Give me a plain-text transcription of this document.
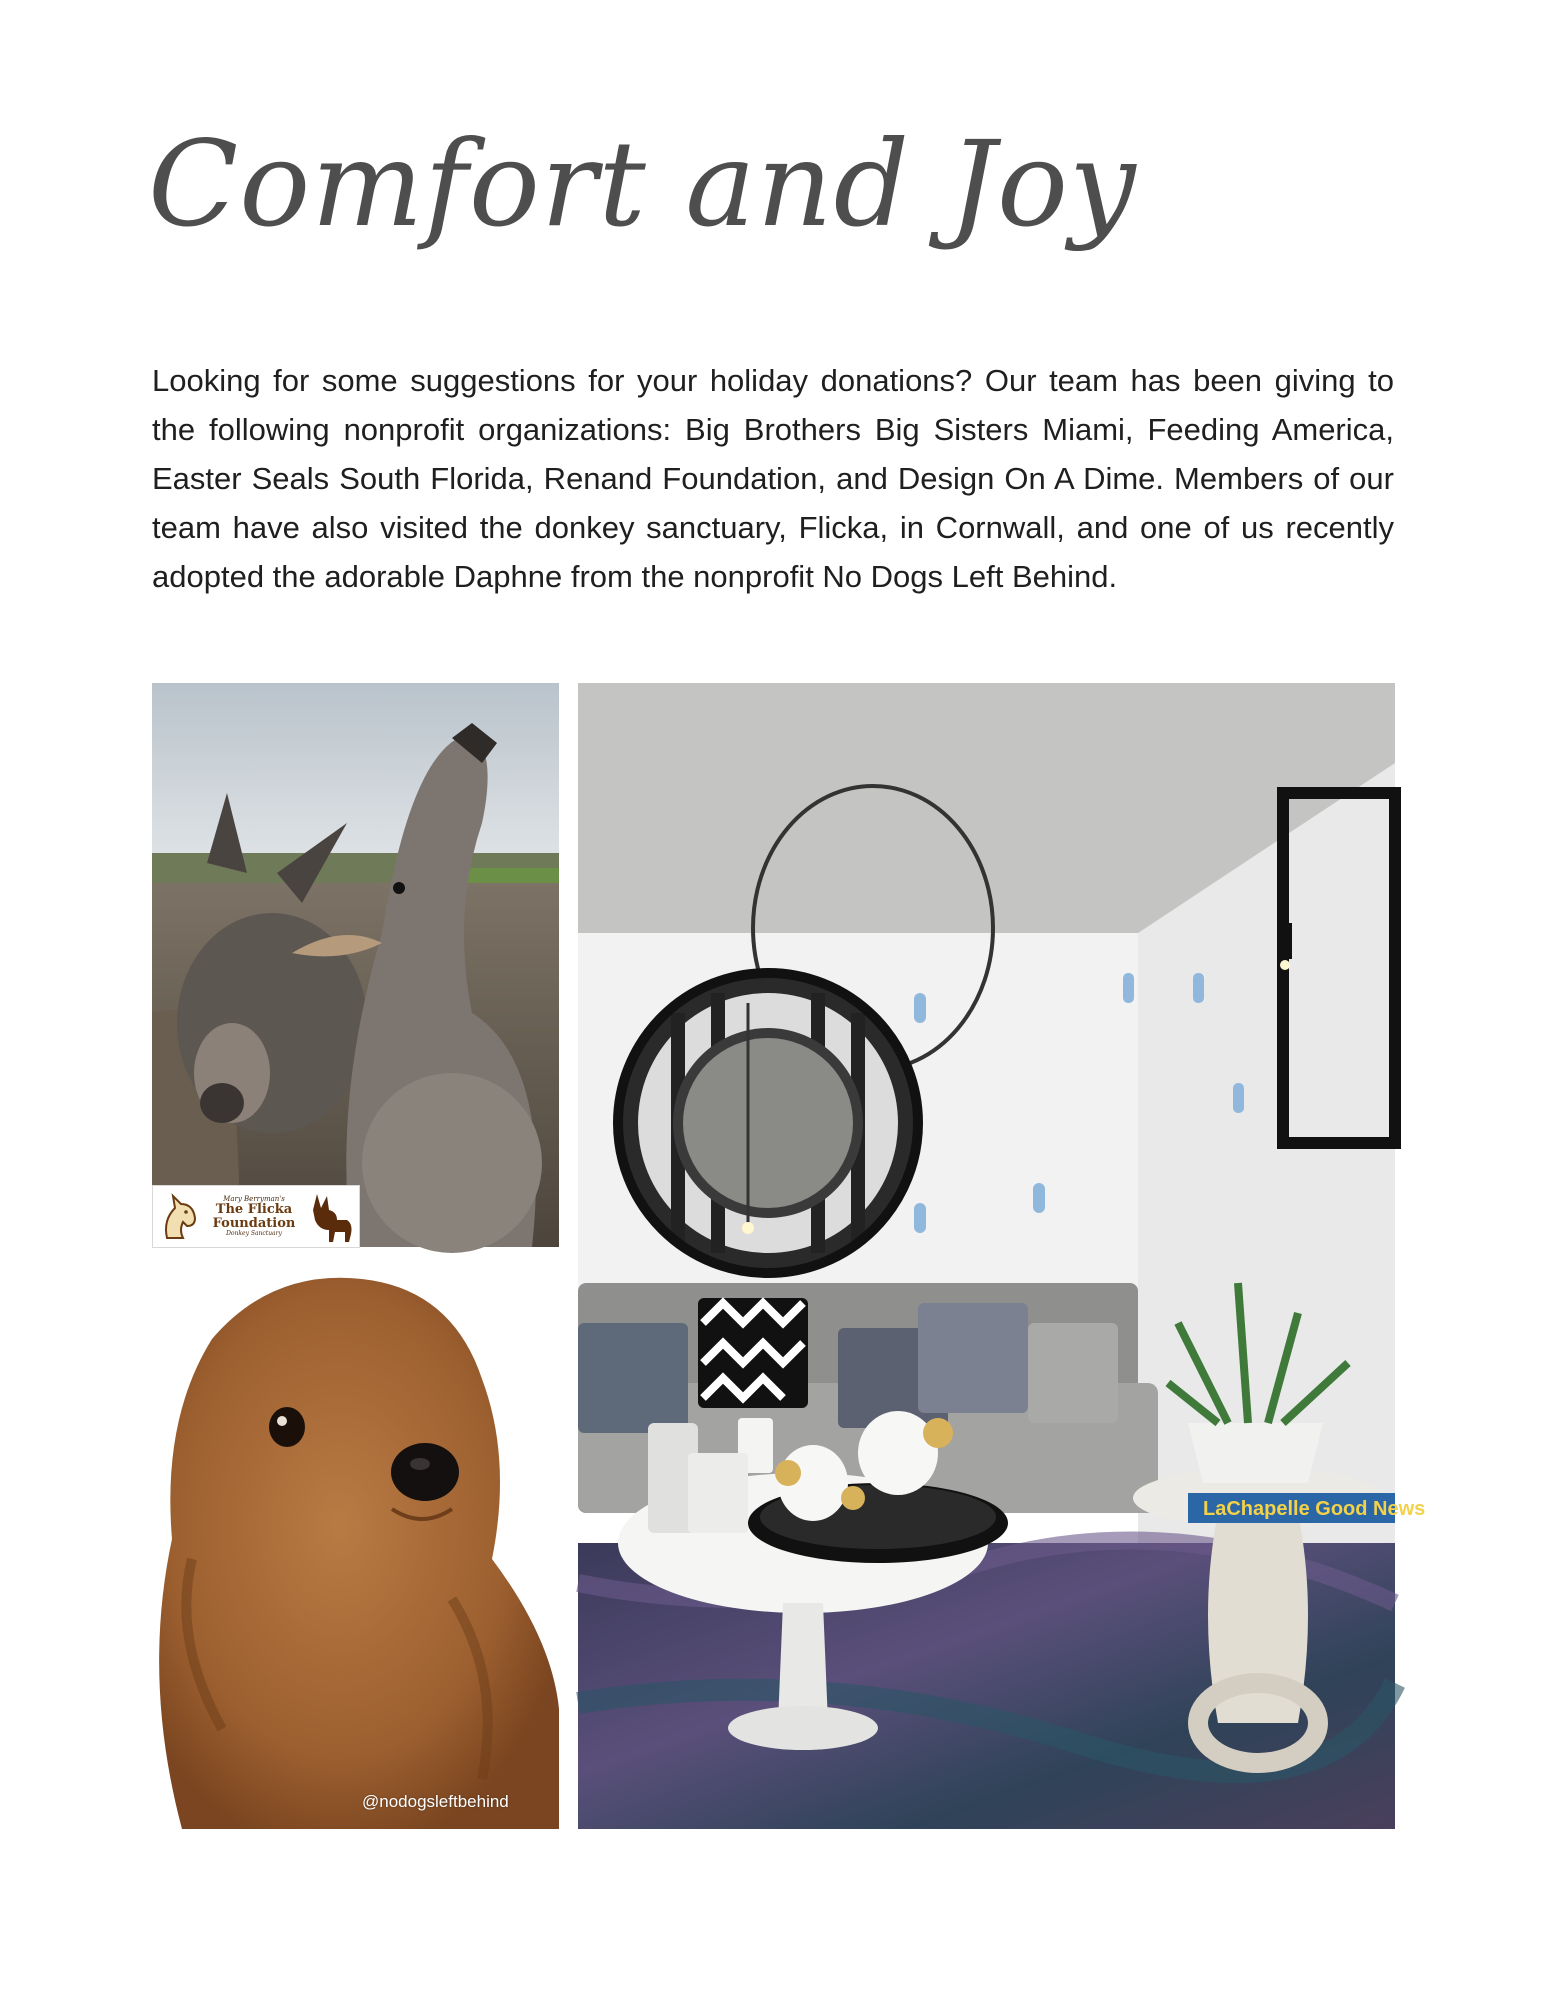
Comfort and Joy

Looking for some suggestions for your holiday donations? Our team has been giving to the following nonprofit organizations: Big Brothers Big Sisters Miami, Feeding America, Easter Seals South Florida, Renand Foundation, and Design On A Dime. Members of our team have also visited the donkey sanctuary, Flicka, in Cornwall, and one of us recently adopted the adorable Daphne from the nonprofit No Dogs Left Behind.

Mary Berryman's
The Flicka
Foundation
Donkey Sanctuary
@nodogsleftbehind
LaChapelle Good News
